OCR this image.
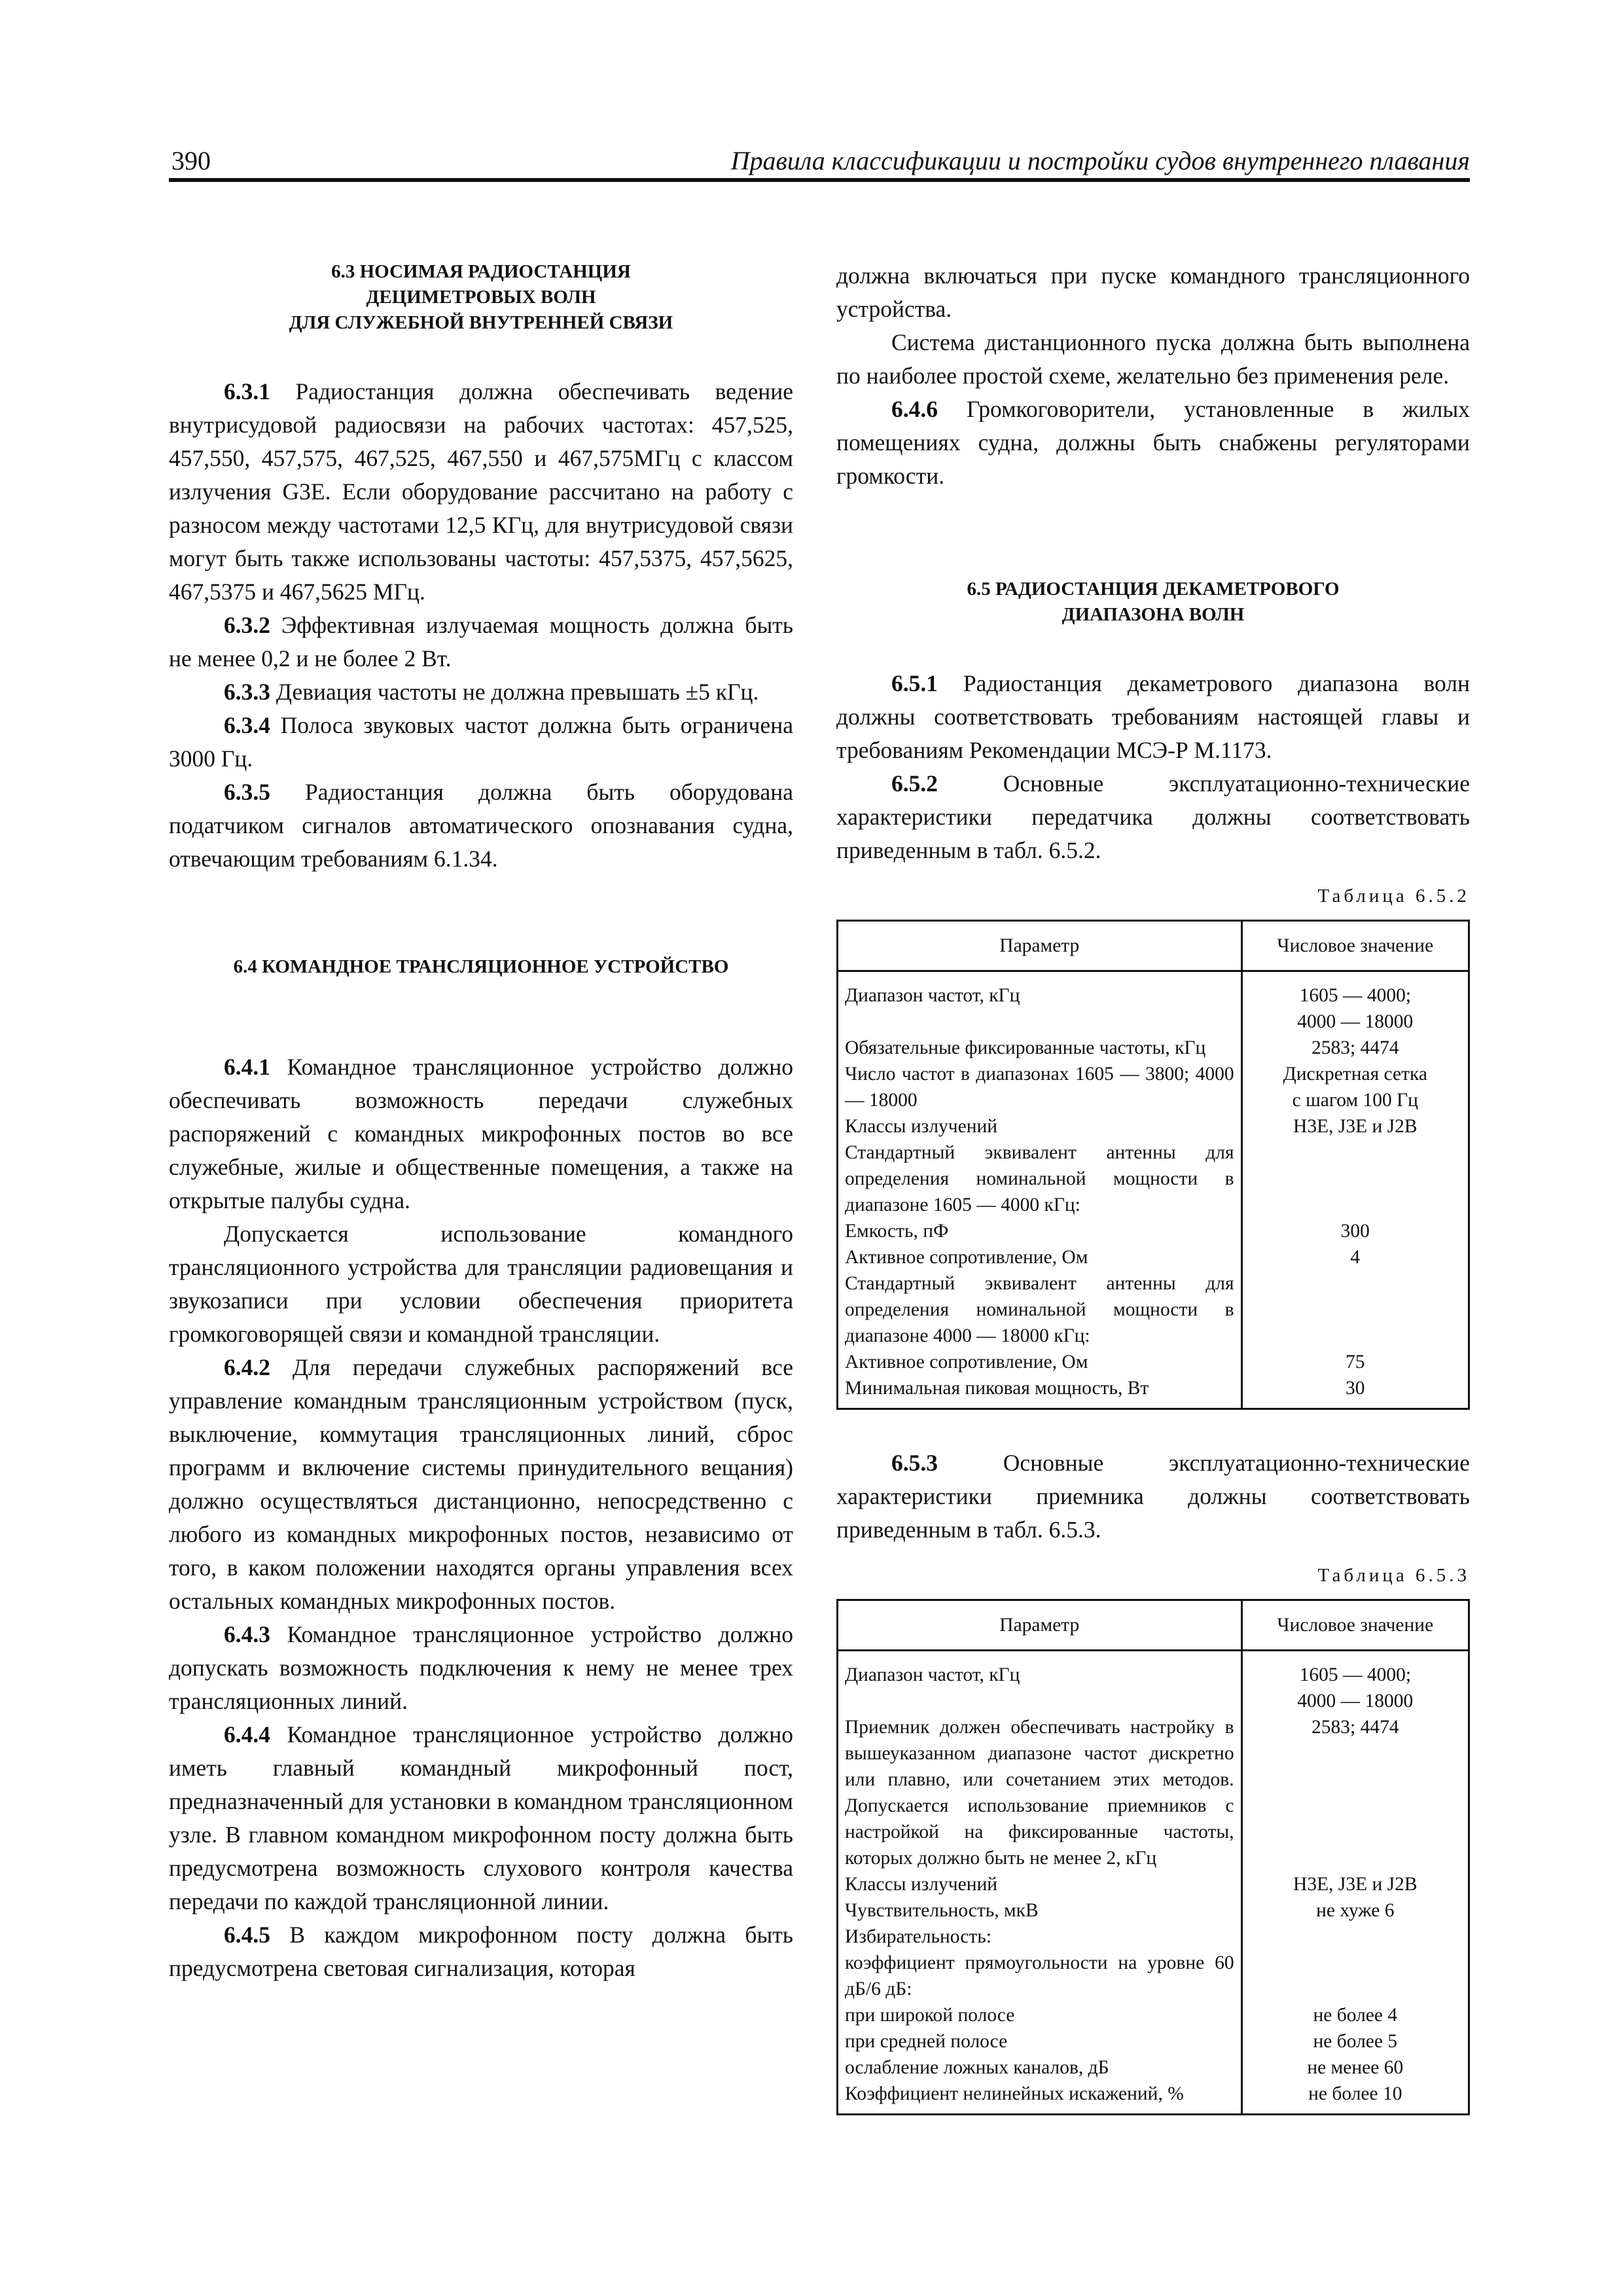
390	Правила классификации и постройки судов внутреннего плавания
6.3 НОСИМАЯ РАДИОСТАНЦИЯ
ДЕЦИМЕТРОВЫХ ВОЛН
ДЛЯ СЛУЖЕБНОЙ ВНУТРЕННЕЙ СВЯЗИ

6.3.1 Радиостанция должна обеспечивать ведение внутрисудовой радиосвязи на рабочих частотах: 457,525, 457,550, 457,575, 467,525, 467,550 и 467,575МГц с классом излучения G3E. Если оборудование рассчитано на работу с разносом между частотами 12,5 КГц, для внутрисудовой связи могут быть также использованы частоты: 457,5375, 457,5625, 467,5375 и 467,5625 МГц.

6.3.2 Эффективная излучаемая мощность должна быть не менее 0,2 и не более 2 Вт.

6.3.3 Девиация частоты не должна превышать ±5 кГц.

6.3.4 Полоса звуковых частот должна быть ограничена 3000 Гц.

6.3.5 Радиостанция должна быть оборудована податчиком сигналов автоматического опознавания судна, отвечающим требованиям 6.1.34.

6.4 КОМАНДНОЕ ТРАНСЛЯЦИОННОЕ УСТРОЙСТВО

6.4.1 Командное трансляционное устройство должно обеспечивать возможность передачи служебных распоряжений с командных микрофонных постов во все служебные, жилые и общественные помещения, а также на открытые палубы судна.

Допускается использование командного трансляционного устройства для трансляции радиовещания и звукозаписи при условии обеспечения приоритета громкоговорящей связи и командной трансляции.

6.4.2 Для передачи служебных распоряжений все управление командным трансляционным устройством (пуск, выключение, коммутация трансляционных линий, сброс программ и включение системы принудительного вещания) должно осуществляться дистанционно, непосредственно с любого из командных микрофонных постов, независимо от того, в каком положении находятся органы управления всех остальных командных микрофонных постов.

6.4.3 Командное трансляционное устройство должно допускать возможность подключения к нему не менее трех трансляционных линий.

6.4.4 Командное трансляционное устройство должно иметь главный командный микрофонный пост, предназначенный для установки в командном трансляционном узле. В главном командном микрофонном посту должна быть предусмотрена возможность слухового контроля качества передачи по каждой трансляционной линии.

6.4.5 В каждом микрофонном посту должна быть предусмотрена световая сигнализация, которая

должна включаться при пуске командного трансляционного устройства.

Система дистанционного пуска должна быть выполнена по наиболее простой схеме, желательно без применения реле.

6.4.6 Громкоговорители, установленные в жилых помещениях судна, должны быть снабжены регуляторами громкости.

6.5 РАДИОСТАНЦИЯ ДЕКАМЕТРОВОГО
ДИАПАЗОНА ВОЛН

6.5.1 Радиостанция декаметрового диапазона волн должны соответствовать требованиям настоящей главы и требованиям Рекомендации МСЭ-Р М.1173.

6.5.2 Основные эксплуатационно-технические характеристики передатчика должны соответствовать приведенным в табл. 6.5.2.

Таблица 6.5.2
Параметр	Числовое значение
Диапазон частот, кГц	1605 — 4000;
4000 — 18000
Обязательные фиксированные частоты, кГц	2583; 4474
Число частот в диапазонах 1605 — 3800; 4000 — 18000	Дискретная сетка
с шагом 100 Гц
Классы излучений	H3E, J3E и J2B
Стандартный эквивалент антенны для определения номинальной мощности в диапазоне 1605 — 4000 кГц:	
Емкость, пФ	300
Активное сопротивление, Ом	4
Стандартный эквивалент антенны для определения номинальной мощности в диапазоне 4000 — 18000 кГц:	
Активное сопротивление, Ом	75
Минимальная пиковая мощность, Вт	30

6.5.3 Основные эксплуатационно-технические характеристики приемника должны соответствовать приведенным в табл. 6.5.3.

Таблица 6.5.3
Параметр	Числовое значение
Диапазон частот, кГц	1605 — 4000;
4000 — 18000
Приемник должен обеспечивать настройку в вышеуказанном диапазоне частот дискретно или плавно, или сочетанием этих методов. Допускается использование приемников с настройкой на фиксированные частоты, которых должно быть не менее 2, кГц	2583; 4474
Классы излучений	H3E, J3E и J2B
Чувствительность, мкВ	не хуже 6
Избирательность:	
коэффициент прямоугольности на уровне 60 дБ/6 дБ:	
при широкой полосе	не более 4
при средней полосе	не более 5
ослабление ложных каналов, дБ	не менее 60
Коэффициент нелинейных искажений, %	не более 10
